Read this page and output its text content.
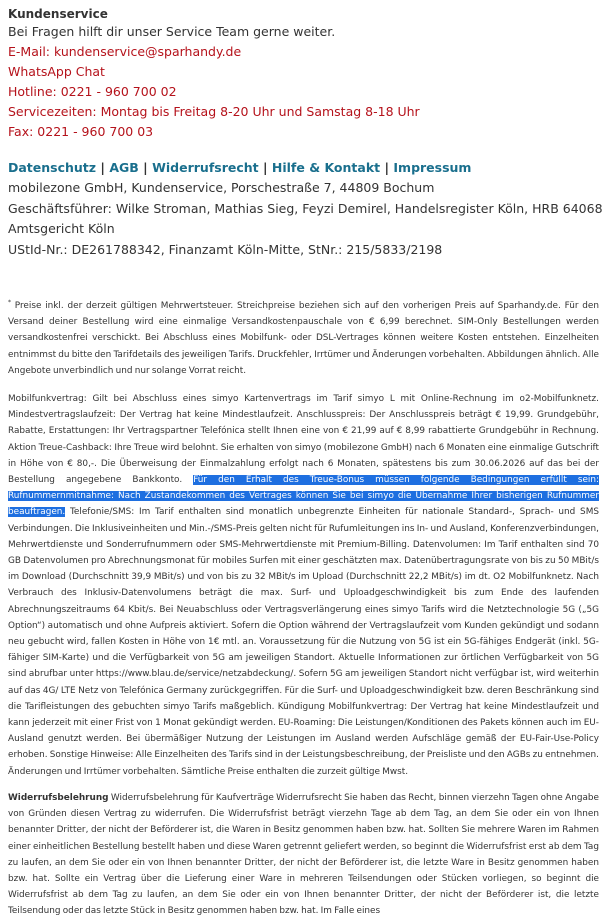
Kundenservice
Bei Fragen hilft dir unser Service Team gerne weiter.
E-Mail: kundenservice@sparhandy.de
WhatsApp Chat
Hotline: 0221 - 960 700 02
Servicezeiten: Montag bis Freitag 8-20 Uhr und Samstag 8-18 Uhr
Fax: 0221 - 960 700 03
Datenschutz | AGB | Widerrufsrecht | Hilfe & Kontakt | Impressum
mobilezone GmbH, Kundenservice, Porschestraße 7, 44809 Bochum
Geschäftsführer: Wilke Stroman, Mathias Sieg, Feyzi Demirel, Handelsregister Köln, HRB 64068
Amtsgericht Köln
UStId-Nr.: DE261788342, Finanzamt Köln-Mitte, StNr.: 215/5833/2198
* Preise inkl. der derzeit gültigen Mehrwertsteuer. Streichpreise beziehen sich auf den vorherigen Preis auf Sparhandy.de. Für den Versand deiner Bestellung wird eine einmalige Versandkostenpauschale von € 6,99 berechnet. SIM-Only Bestellungen werden versandkostenfrei verschickt. Bei Abschluss eines Mobilfunk- oder DSL-Vertrages können weitere Kosten entstehen. Einzelheiten entnimmst du bitte den Tarifdetails des jeweiligen Tarifs. Druckfehler, Irrtümer und Änderungen vorbehalten. Abbildungen ähnlich. Alle Angebote unverbindlich und nur solange Vorrat reicht.
Mobilfunkvertrag: Gilt bei Abschluss eines simyo Kartenvertrags im Tarif simyo L mit Online-Rechnung im o2-Mobilfunknetz. Mindestvertragslaufzeit: Der Vertrag hat keine Mindestlaufzeit. Anschlusspreis: Der Anschlusspreis beträgt € 19,99. Grundgebühr, Rabatte, Erstattungen: Ihr Vertragspartner Telefónica stellt Ihnen eine von € 21,99 auf € 8,99 rabattierte Grundgebühr in Rechnung. Aktion Treue-Cashback: Ihre Treue wird belohnt. Sie erhalten von simyo (mobilezone GmbH) nach 6 Monaten eine einmalige Gutschrift in Höhe von € 80,-. Die Überweisung der Einmalzahlung erfolgt nach 6 Monaten, spätestens bis zum 30.06.2026 auf das bei der Bestellung angegebene Bankkonto. Für den Erhalt des Treue-Bonus müssen folgende Bedingungen erfüllt sein: Rufnummernmitnahme: Nach Zustandekommen des Vertrages können Sie bei simyo die Übernahme Ihrer bisherigen Rufnummer beauftragen. Telefonie/SMS: Im Tarif enthalten sind monatlich unbegrenzte Einheiten für nationale Standard-, Sprach- und SMS Verbindungen. Die Inklusiveinheiten und Min.-/SMS-Preis gelten nicht für Rufumleitungen ins In- und Ausland, Konferenzverbindungen, Mehrwertdienste und Sonderrufnummern oder SMS-Mehrwertdienste mit Premium-Billing. Datenvolumen: Im Tarif enthalten sind 70 GB Datenvolumen pro Abrechnungsmonat für mobiles Surfen mit einer geschätzten max. Datenübertragungsrate von bis zu 50 MBit/s im Download (Durchschnitt 39,9 MBit/s) und von bis zu 32 MBit/s im Upload (Durchschnitt 22,2 MBit/s) im dt. O2 Mobilfunknetz. Nach Verbrauch des Inklusiv-Datenvolumens beträgt die max. Surf- und Uploadgeschwindigkeit bis zum Ende des laufenden Abrechnungszeitraums 64 Kbit/s. Bei Neuabschluss oder Vertragsverlängerung eines simyo Tarifs wird die Netztechnologie 5G („5G Option“) automatisch und ohne Aufpreis aktiviert. Sofern die Option während der Vertragslaufzeit vom Kunden gekündigt und sodann neu gebucht wird, fallen Kosten in Höhe von 1€ mtl. an. Voraussetzung für die Nutzung von 5G ist ein 5G-fähiges Endgerät (inkl. 5G-fähiger SIM-Karte) und die Verfügbarkeit von 5G am jeweiligen Standort. Aktuelle Informationen zur örtlichen Verfügbarkeit von 5G sind abrufbar unter https://www.blau.de/service/netzabdeckung/. Sofern 5G am jeweiligen Standort nicht verfügbar ist, wird weiterhin auf das 4G/ LTE Netz von Telefónica Germany zurückgegriffen. Für die Surf- und Uploadgeschwindigkeit bzw. deren Beschränkung sind die Tarifleistungen des gebuchten simyo Tarifs maßgeblich. Kündigung Mobilfunkvertrag: Der Vertrag hat keine Mindestlaufzeit und kann jederzeit mit einer Frist von 1 Monat gekündigt werden. EU-Roaming: Die Leistungen/Konditionen des Pakets können auch im EU-Ausland genutzt werden. Bei übermäßiger Nutzung der Leistungen im Ausland werden Aufschläge gemäß der EU-Fair-Use-Policy erhoben. Sonstige Hinweise: Alle Einzelheiten des Tarifs sind in der Leistungsbeschreibung, der Preisliste und den AGBs zu entnehmen. Änderungen und Irrtümer vorbehalten. Sämtliche Preise enthalten die zurzeit gültige Mwst.
Widerrufsbelehrung Widerrufsbelehrung für Kaufverträge Widerrufsrecht Sie haben das Recht, binnen vierzehn Tagen ohne Angabe von Gründen diesen Vertrag zu widerrufen. Die Widerrufsfrist beträgt vierzehn Tage ab dem Tag, an dem Sie oder ein von Ihnen benannter Dritter, der nicht der Beförderer ist, die Waren in Besitz genommen haben bzw. hat. Sollten Sie mehrere Waren im Rahmen einer einheitlichen Bestellung bestellt haben und diese Waren getrennt geliefert werden, so beginnt die Widerrufsfrist erst ab dem Tag zu laufen, an dem Sie oder ein von Ihnen benannter Dritter, der nicht der Beförderer ist, die letzte Ware in Besitz genommen haben bzw. hat. Sollte ein Vertrag über die Lieferung einer Ware in mehreren Teilsendungen oder Stücken vorliegen, so beginnt die Widerrufsfrist ab dem Tag zu laufen, an dem Sie oder ein von Ihnen benannter Dritter, der nicht der Beförderer ist, die letzte Teilsendung oder das letzte Stück in Besitz genommen haben bzw. hat. Im Falle eines
